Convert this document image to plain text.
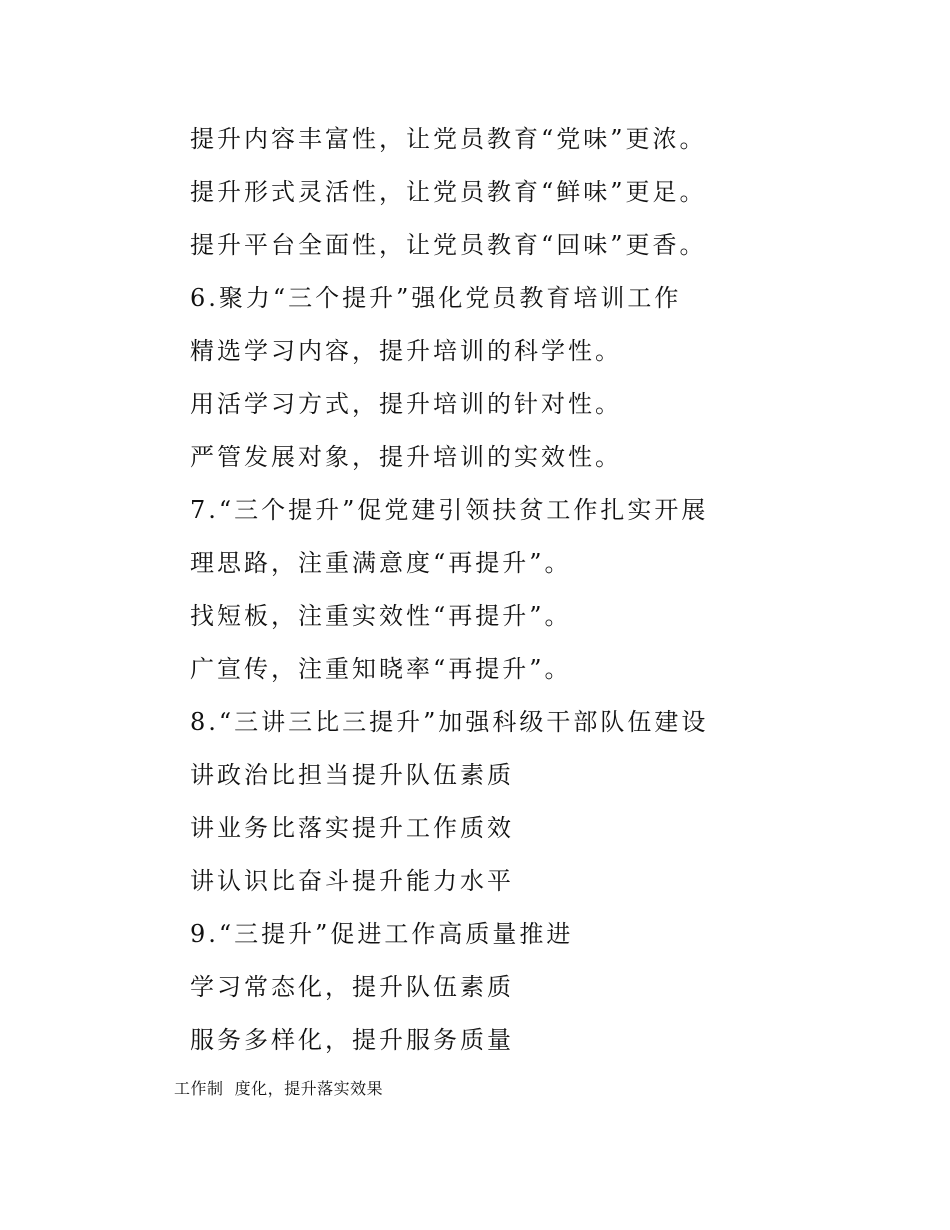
提升内容丰富性，让党员教育“党味”更浓。
提升形式灵活性，让党员教育“鲜味”更足。
提升平台全面性，让党员教育“回味”更香。
6.聚力“三个提升”强化党员教育培训工作
精选学习内容，提升培训的科学性。
用活学习方式，提升培训的针对性。
严管发展对象，提升培训的实效性。
7.“三个提升”促党建引领扶贫工作扎实开展
理思路，注重满意度“再提升”。
找短板，注重实效性“再提升”。
广宣传，注重知晓率“再提升”。
8.“三讲三比三提升”加强科级干部队伍建设
讲政治比担当提升队伍素质
讲业务比落实提升工作质效
讲认识比奋斗提升能力水平
9.“三提升”促进工作高质量推进
学习常态化，提升队伍素质
服务多样化，提升服务质量
工作制  度化，提升落实效果
